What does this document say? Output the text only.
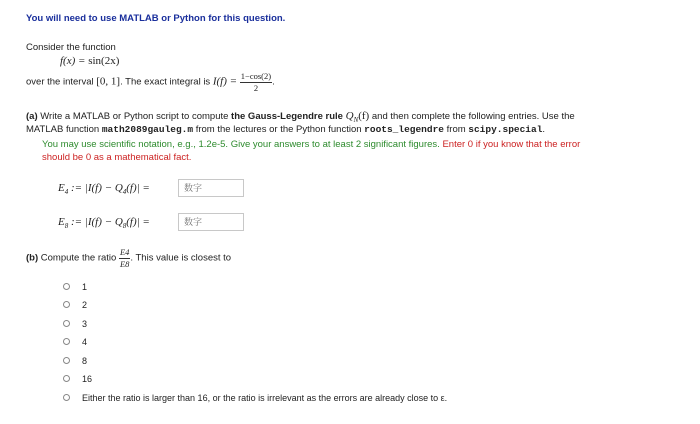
You will need to use MATLAB or Python for this question.
Consider the function
f(x) = sin(2x)
over the interval [0, 1]. The exact integral is $I(f) = \frac{1-\cos(2)}{2}$ .
(a) Write a MATLAB or Python script to compute the Gauss-Legendre rule $Q_N(f)$ and then complete the following entries. Use the
MATLAB function math2089gauleg.m from the lectures or the Python function roots_legendre from scipy.special.
You may use scientific notation, e.g., 1.2e-5. Give your answers to at least 2 significant figures. Enter 0 if you know that the error
should be 0 as a mathematical fact.
$E_4$ := $|I(f) - Q_4(f)|$ =
数字
$E_8$ := $|I(f) - Q_8(f)|$ =
数字
(b) Compute the ratio $\frac{E4}{E8}$ . This value is closest to
1
2
3
4
8
16
Either the ratio is larger than 16, or the ratio is irrelevant as the errors are already close to ε.
